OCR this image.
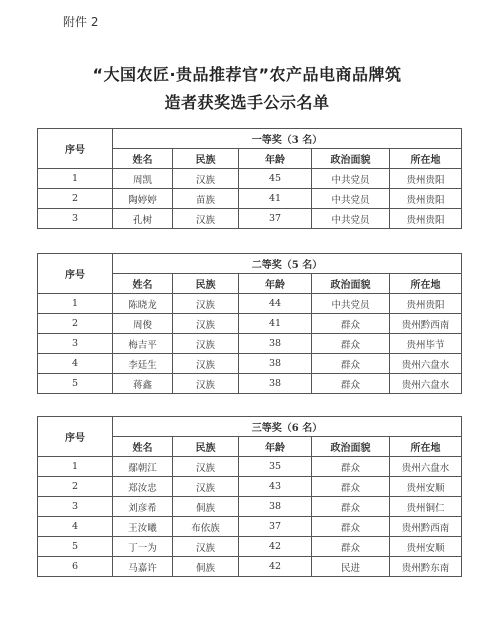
附件 2
“大国农匠·贵品推荐官”农产品电商品牌筑
造者获奖选手公示名单
序号	一等奖（3 名）				
	姓名	民族	年龄	政治面貌	所在地
1	周凯	汉族	45	中共党员	贵州贵阳
2	陶婷婷	苗族	41	中共党员	贵州贵阳
3	孔树	汉族	37	中共党员	贵州贵阳
序号	二等奖（5 名）				
	姓名	民族	年龄	政治面貌	所在地
1	陈晓龙	汉族	44	中共党员	贵州贵阳
2	周俊	汉族	41	群众	贵州黔西南
3	梅吉平	汉族	38	群众	贵州毕节
4	李廷生	汉族	38	群众	贵州六盘水
5	蒋鑫	汉族	38	群众	贵州六盘水
序号	三等奖（6 名）				
	姓名	民族	年龄	政治面貌	所在地
1	鄢朝江	汉族	35	群众	贵州六盘水
2	郑汝忠	汉族	43	群众	贵州安顺
3	刘彦希	侗族	38	群众	贵州铜仁
4	王汝曦	布依族	37	群众	贵州黔西南
5	丁一为	汉族	42	群众	贵州安顺
6	马嘉许	侗族	42	民进	贵州黔东南
